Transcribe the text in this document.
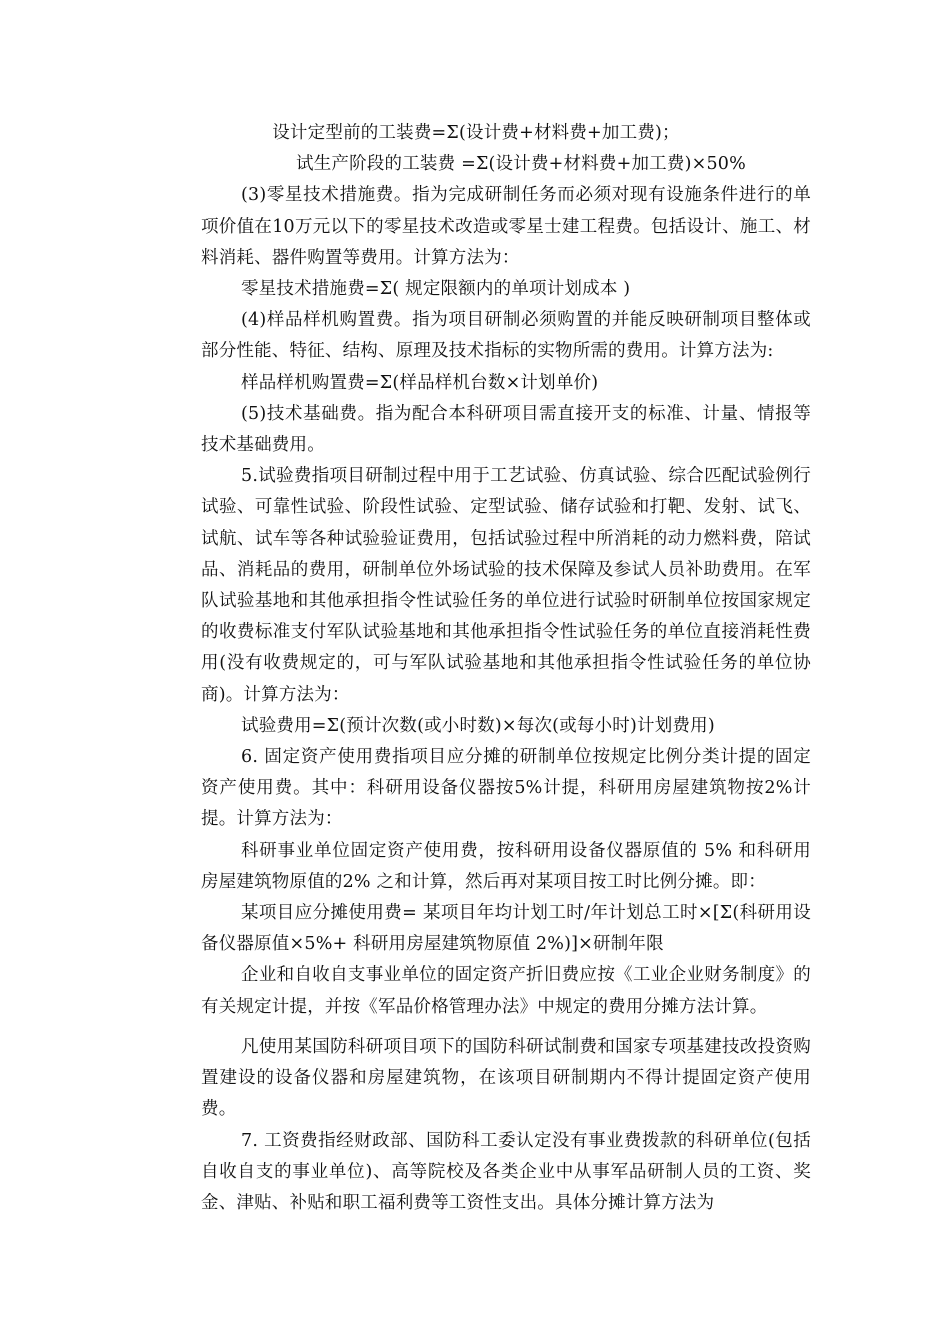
设计定型前的工装费=Σ(设计费+材料费+加工费)；

试生产阶段的工装费 =Σ(设计费+材料费+加工费)×50%

(3)零星技术措施费。指为完成研制任务而必须对现有设施条件进行的单项价值在10万元以下的零星技术改造或零星士建工程费。包括设计、施工、材料消耗、器件购置等费用。计算方法为：

零星技术措施费=Σ( 规定限额内的单项计划成本 )

(4)样品样机购置费。指为项目研制必须购置的并能反映研制项目整体或部分性能、特征、结构、原理及技术指标的实物所需的费用。计算方法为:

样品样机购置费=Σ(样品样机台数×计划单价)

(5)技术基础费。指为配合本科研项目需直接开支的标准、计量、情报等技术基础费用。

5.试验费指项目研制过程中用于工艺试验、仿真试验、综合匹配试验例行试验、可靠性试验、阶段性试验、定型试验、储存试验和打靶、发射、试飞、试航、试车等各种试验验证费用，包括试验过程中所消耗的动力燃料费，陪试品、消耗品的费用，研制单位外场试验的技术保障及参试人员补助费用。在军队试验基地和其他承担指令性试验任务的单位进行试验时研制单位按国家规定的收费标准支付军队试验基地和其他承担指令性试验任务的单位直接消耗性费用(没有收费规定的，可与军队试验基地和其他承担指令性试验任务的单位协商)。计算方法为：

试验费用=Σ(预计次数(或小时数)×每次(或每小时)计划费用)

6. 固定资产使用费指项目应分摊的研制单位按规定比例分类计提的固定资产使用费。其中：科研用设备仪器按5%计提，科研用房屋建筑物按2%计提。计算方法为：

科研事业单位固定资产使用费，按科研用设备仪器原值的 5% 和科研用房屋建筑物原值的2% 之和计算，然后再对某项目按工时比例分摊。即：

某项目应分摊使用费= 某项目年均计划工时/年计划总工时×[Σ(科研用设备仪器原值×5%+ 科研用房屋建筑物原值 2%)]×研制年限

企业和自收自支事业单位的固定资产折旧费应按《工业企业财务制度》的有关规定计提，并按《军品价格管理办法》中规定的费用分摊方法计算。

凡使用某国防科研项目项下的国防科研试制费和国家专项基建技改投资购置建设的设备仪器和房屋建筑物，在该项目研制期内不得计提固定资产使用费。

7. 工资费指经财政部、国防科工委认定没有事业费拨款的科研单位(包括自收自支的事业单位)、高等院校及各类企业中从事军品研制人员的工资、奖金、津贴、补贴和职工福利费等工资性支出。具体分摊计算方法为
